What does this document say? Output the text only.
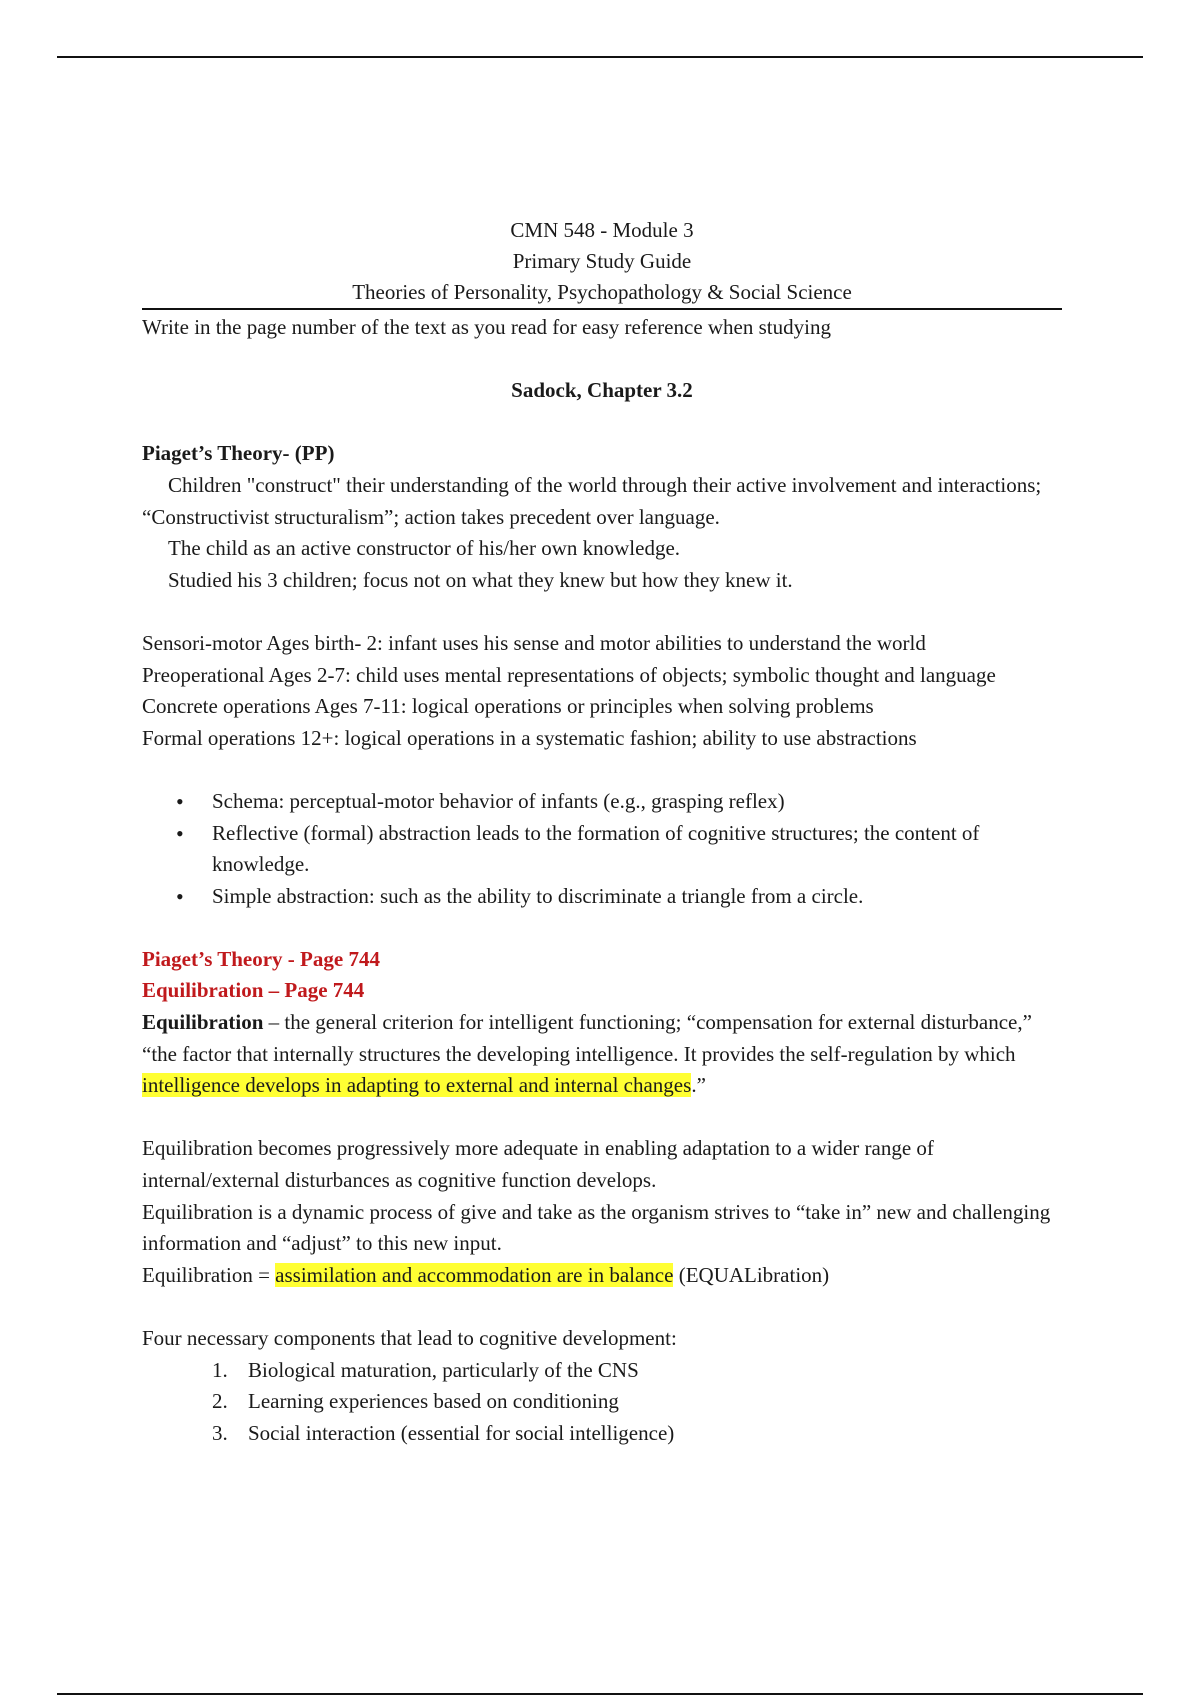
CMN 548 - Module 3
Primary Study Guide
Theories of Personality, Psychopathology & Social Science

Write in the page number of the text as you read for easy reference when studying

Sadock, Chapter 3.2

Piaget’s Theory- (PP)

Children "construct" their understanding of the world through their active involvement and interactions; “Constructivist structuralism”; action takes precedent over language.

The child as an active constructor of his/her own knowledge.

Studied his 3 children; focus not on what they knew but how they knew it.

Sensori-motor Ages birth- 2: infant uses his sense and motor abilities to understand the world

Preoperational Ages 2-7: child uses mental representations of objects; symbolic thought and language

Concrete operations Ages 7-11: logical operations or principles when solving problems

Formal operations 12+: logical operations in a systematic fashion; ability to use abstractions

• Schema: perceptual-motor behavior of infants (e.g., grasping reflex)
• Reflective (formal) abstraction leads to the formation of cognitive structures; the content of knowledge.
• Simple abstraction: such as the ability to discriminate a triangle from a circle.

Piaget’s Theory - Page 744

Equilibration – Page 744

Equilibration – the general criterion for intelligent functioning; “compensation for external disturbance,” “the factor that internally structures the developing intelligence. It provides the self-regulation by which intelligence develops in adapting to external and internal changes.”

Equilibration becomes progressively more adequate in enabling adaptation to a wider range of internal/external disturbances as cognitive function develops.

Equilibration is a dynamic process of give and take as the organism strives to “take in” new and challenging information and “adjust” to this new input.

Equilibration = assimilation and accommodation are in balance (EQUALibration)

Four necessary components that lead to cognitive development:

1. Biological maturation, particularly of the CNS
2. Learning experiences based on conditioning
3. Social interaction (essential for social intelligence)
